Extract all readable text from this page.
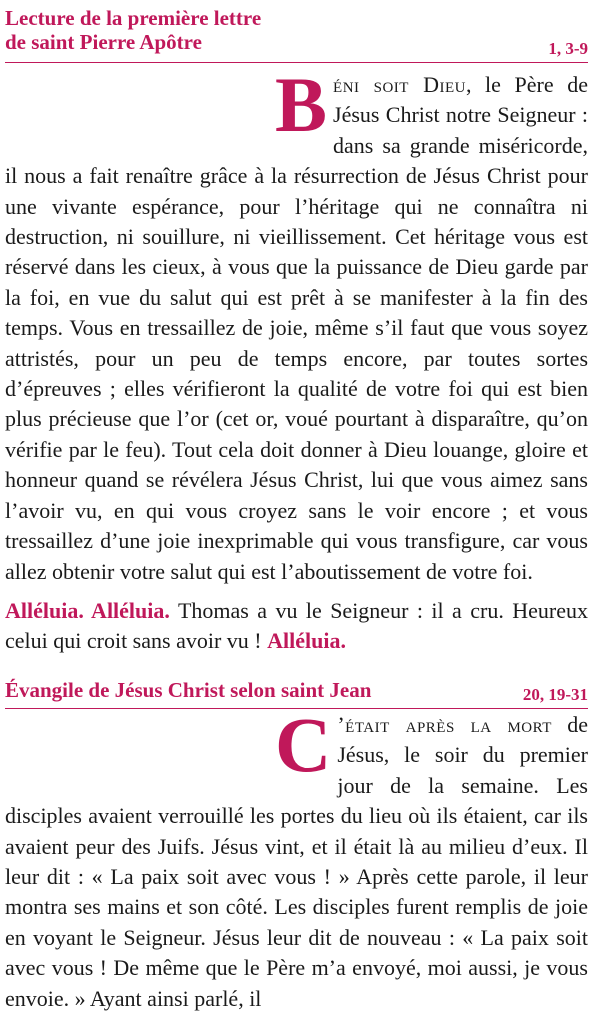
Lecture de la première lettre
de saint Pierre Apôtre	1, 3-9
Béni soit Dieu, le Père de Jésus Christ notre Seigneur : dans sa grande miséricorde, il nous a fait renaître grâce à la résurrection de Jésus Christ pour une vivante espérance, pour l’héritage qui ne connaîtra ni destruction, ni souillure, ni vieillissement. Cet héritage vous est réservé dans les cieux, à vous que la puissance de Dieu garde par la foi, en vue du salut qui est prêt à se manifester à la fin des temps. Vous en tressaillez de joie, même s’il faut que vous soyez attristés, pour un peu de temps encore, par toutes sortes d’épreuves ; elles vérifieront la qualité de votre foi qui est bien plus précieuse que l’or (cet or, voué pourtant à disparaître, qu’on vérifie par le feu). Tout cela doit donner à Dieu louange, gloire et honneur quand se révélera Jésus Christ, lui que vous aimez sans l’avoir vu, en qui vous croyez sans le voir encore ; et vous tressaillez d’une joie inexprimable qui vous transfigure, car vous allez obtenir votre salut qui est l’aboutissement de votre foi.
Alléluia. Alléluia. Thomas a vu le Seigneur : il a cru. Heureux celui qui croit sans avoir vu ! Alléluia.
Évangile de Jésus Christ selon saint Jean	20, 19-31
C ’était après la mort de Jésus, le soir du premier jour de la semaine. Les disciples avaient verrouillé les portes du lieu où ils étaient, car ils avaient peur des Juifs. Jésus vint, et il était là au milieu d’eux. Il leur dit : « La paix soit avec vous ! » Après cette parole, il leur montra ses mains et son côté. Les disciples furent remplis de joie en voyant le Seigneur. Jésus leur dit de nouveau : « La paix soit avec vous ! De même que le Père m’a envoyé, moi aussi, je vous envoie. » Ayant ainsi parlé, il
